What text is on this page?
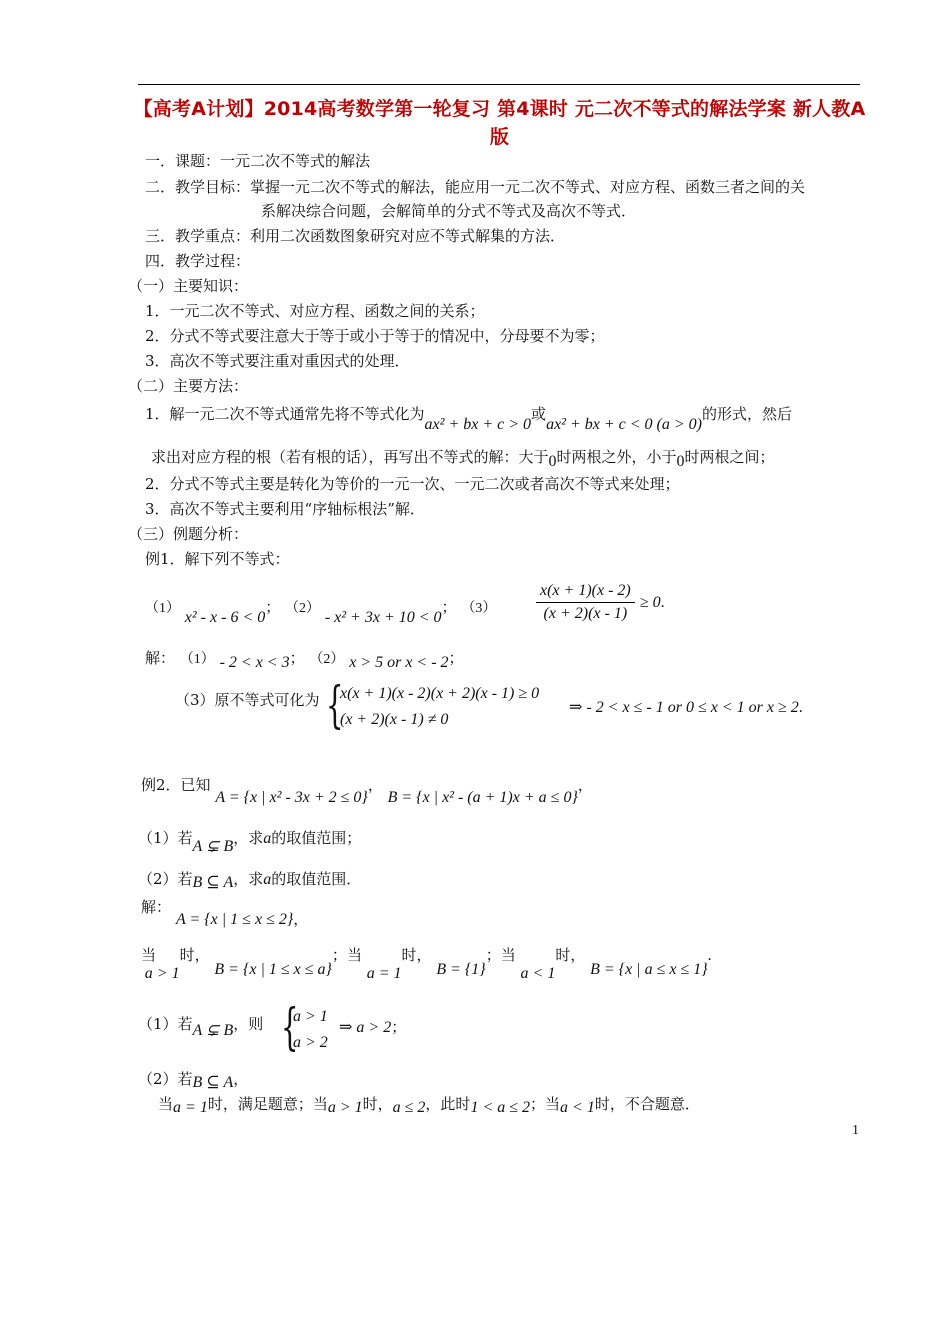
【高考A计划】2014高考数学第一轮复习 第4课时 元二次不等式的解法学案 新人教A版
一．课题：一元二次不等式的解法
二．教学目标：掌握一元二次不等式的解法，能应用一元二次不等式、对应方程、函数三者之间的关
系解决综合问题，会解简单的分式不等式及高次不等式．
三．教学重点：利用二次函数图象研究对应不等式解集的方法．
四．教学过程：
（一）主要知识：
1．一元二次不等式、对应方程、函数之间的关系；
2．分式不等式要注意大于等于或小于等于的情况中，分母要不为零；
3．高次不等式要注重对重因式的处理．
（二）主要方法：
1．解一元二次不等式通常先将不等式化为ax² + bx + c > 0或ax² + bx + c < 0 (a > 0)的形式，然后
求出对应方程的根（若有根的话），再写出不等式的解：大于0时两根之外，小于0时两根之间；
2．分式不等式主要是转化为等价的一元一次、一元二次或者高次不等式来处理；
3．高次不等式主要利用“序轴标根法”解．
（三）例题分析：
例1．解下列不等式：
（1） x² - x - 6 < 0； （2） - x² + 3x + 10 < 0； $(3) \frac{x(x + 1)(x - 2)}{(x + 2)(x - 1)} \ge 0$.
解： （1） - 2 < x < 3； （2） x > 5 or x < - 2；
（3）原不等式可化为 {
x(x + 1)(x - 2)(x + 2)(x - 1) ≥ 0
(x + 2)(x - 1) ≠ 0
⇒ - 2 < x ≤ - 1 or 0 ≤ x < 1 or x ≥ 2.
例2．已知 A = {x | x² - 3x + 2 ≤ 0}， B = {x | x² - (a + 1)x + a ≤ 0}，
（1）若A ⊊ B，求a的取值范围；
（2）若B ⊆ A，求a的取值范围．
解：
A = {x | 1 ≤ x ≤ 2}，
当 a > 1时， B = {x | 1 ≤ x ≤ a}；当 a = 1时， B = {1}；当 a < 1时， B = {x | a ≤ x ≤ 1}.
（1）若A ⊊ B，则 {
a > 1
a > 2
⇒ a > 2；
（2）若B ⊆ A，
当a = 1时，满足题意；当a > 1时，a ≤ 2，此时1 < a ≤ 2；当a < 1时，不合题意．
1
